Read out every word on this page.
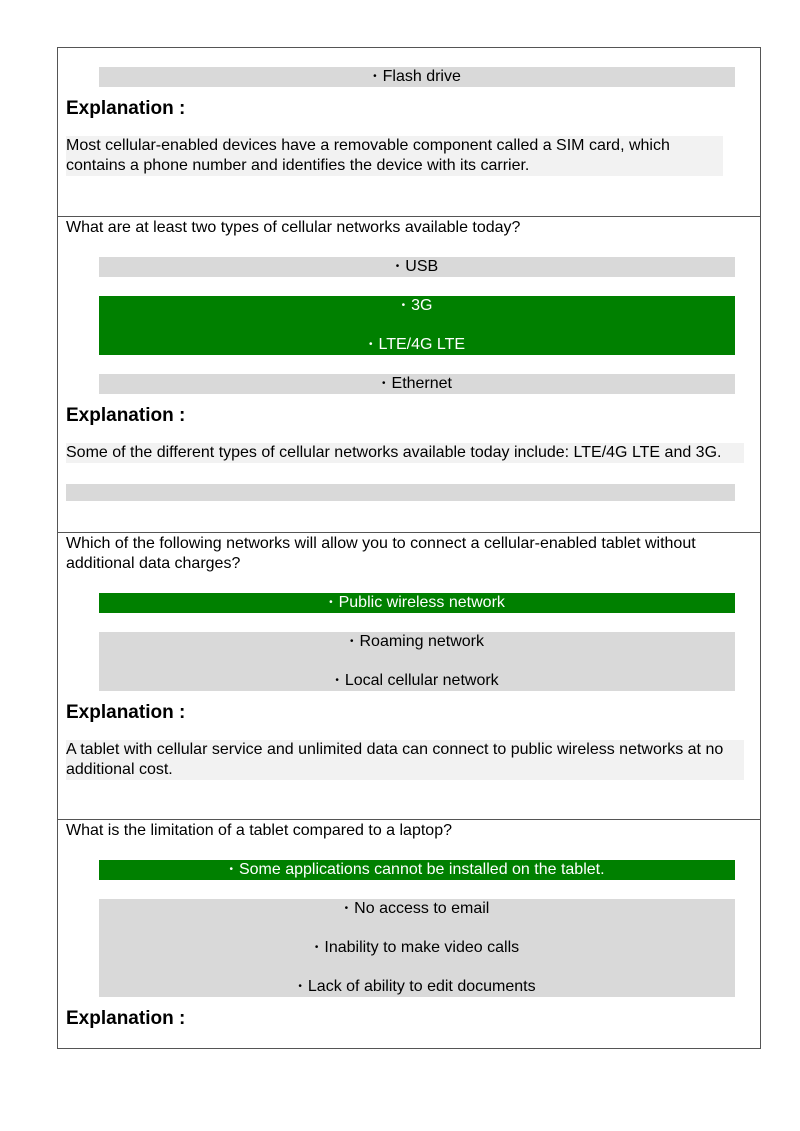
• Flash drive
Explanation :
Most cellular-enabled devices have a removable component called a SIM card, which contains a phone number and identifies the device with its carrier.
What are at least two types of cellular networks available today?
• USB
• 3G
• LTE/4G LTE
• Ethernet
Explanation :
Some of the different types of cellular networks available today include: LTE/4G LTE and 3G.
Which of the following networks will allow you to connect a cellular-enabled tablet without additional data charges?
• Public wireless network
• Roaming network
• Local cellular network
Explanation :
A tablet with cellular service and unlimited data can connect to public wireless networks at no additional cost.
What is the limitation of a tablet compared to a laptop?
• Some applications cannot be installed on the tablet.
• No access to email
• Inability to make video calls
• Lack of ability to edit documents
Explanation :
